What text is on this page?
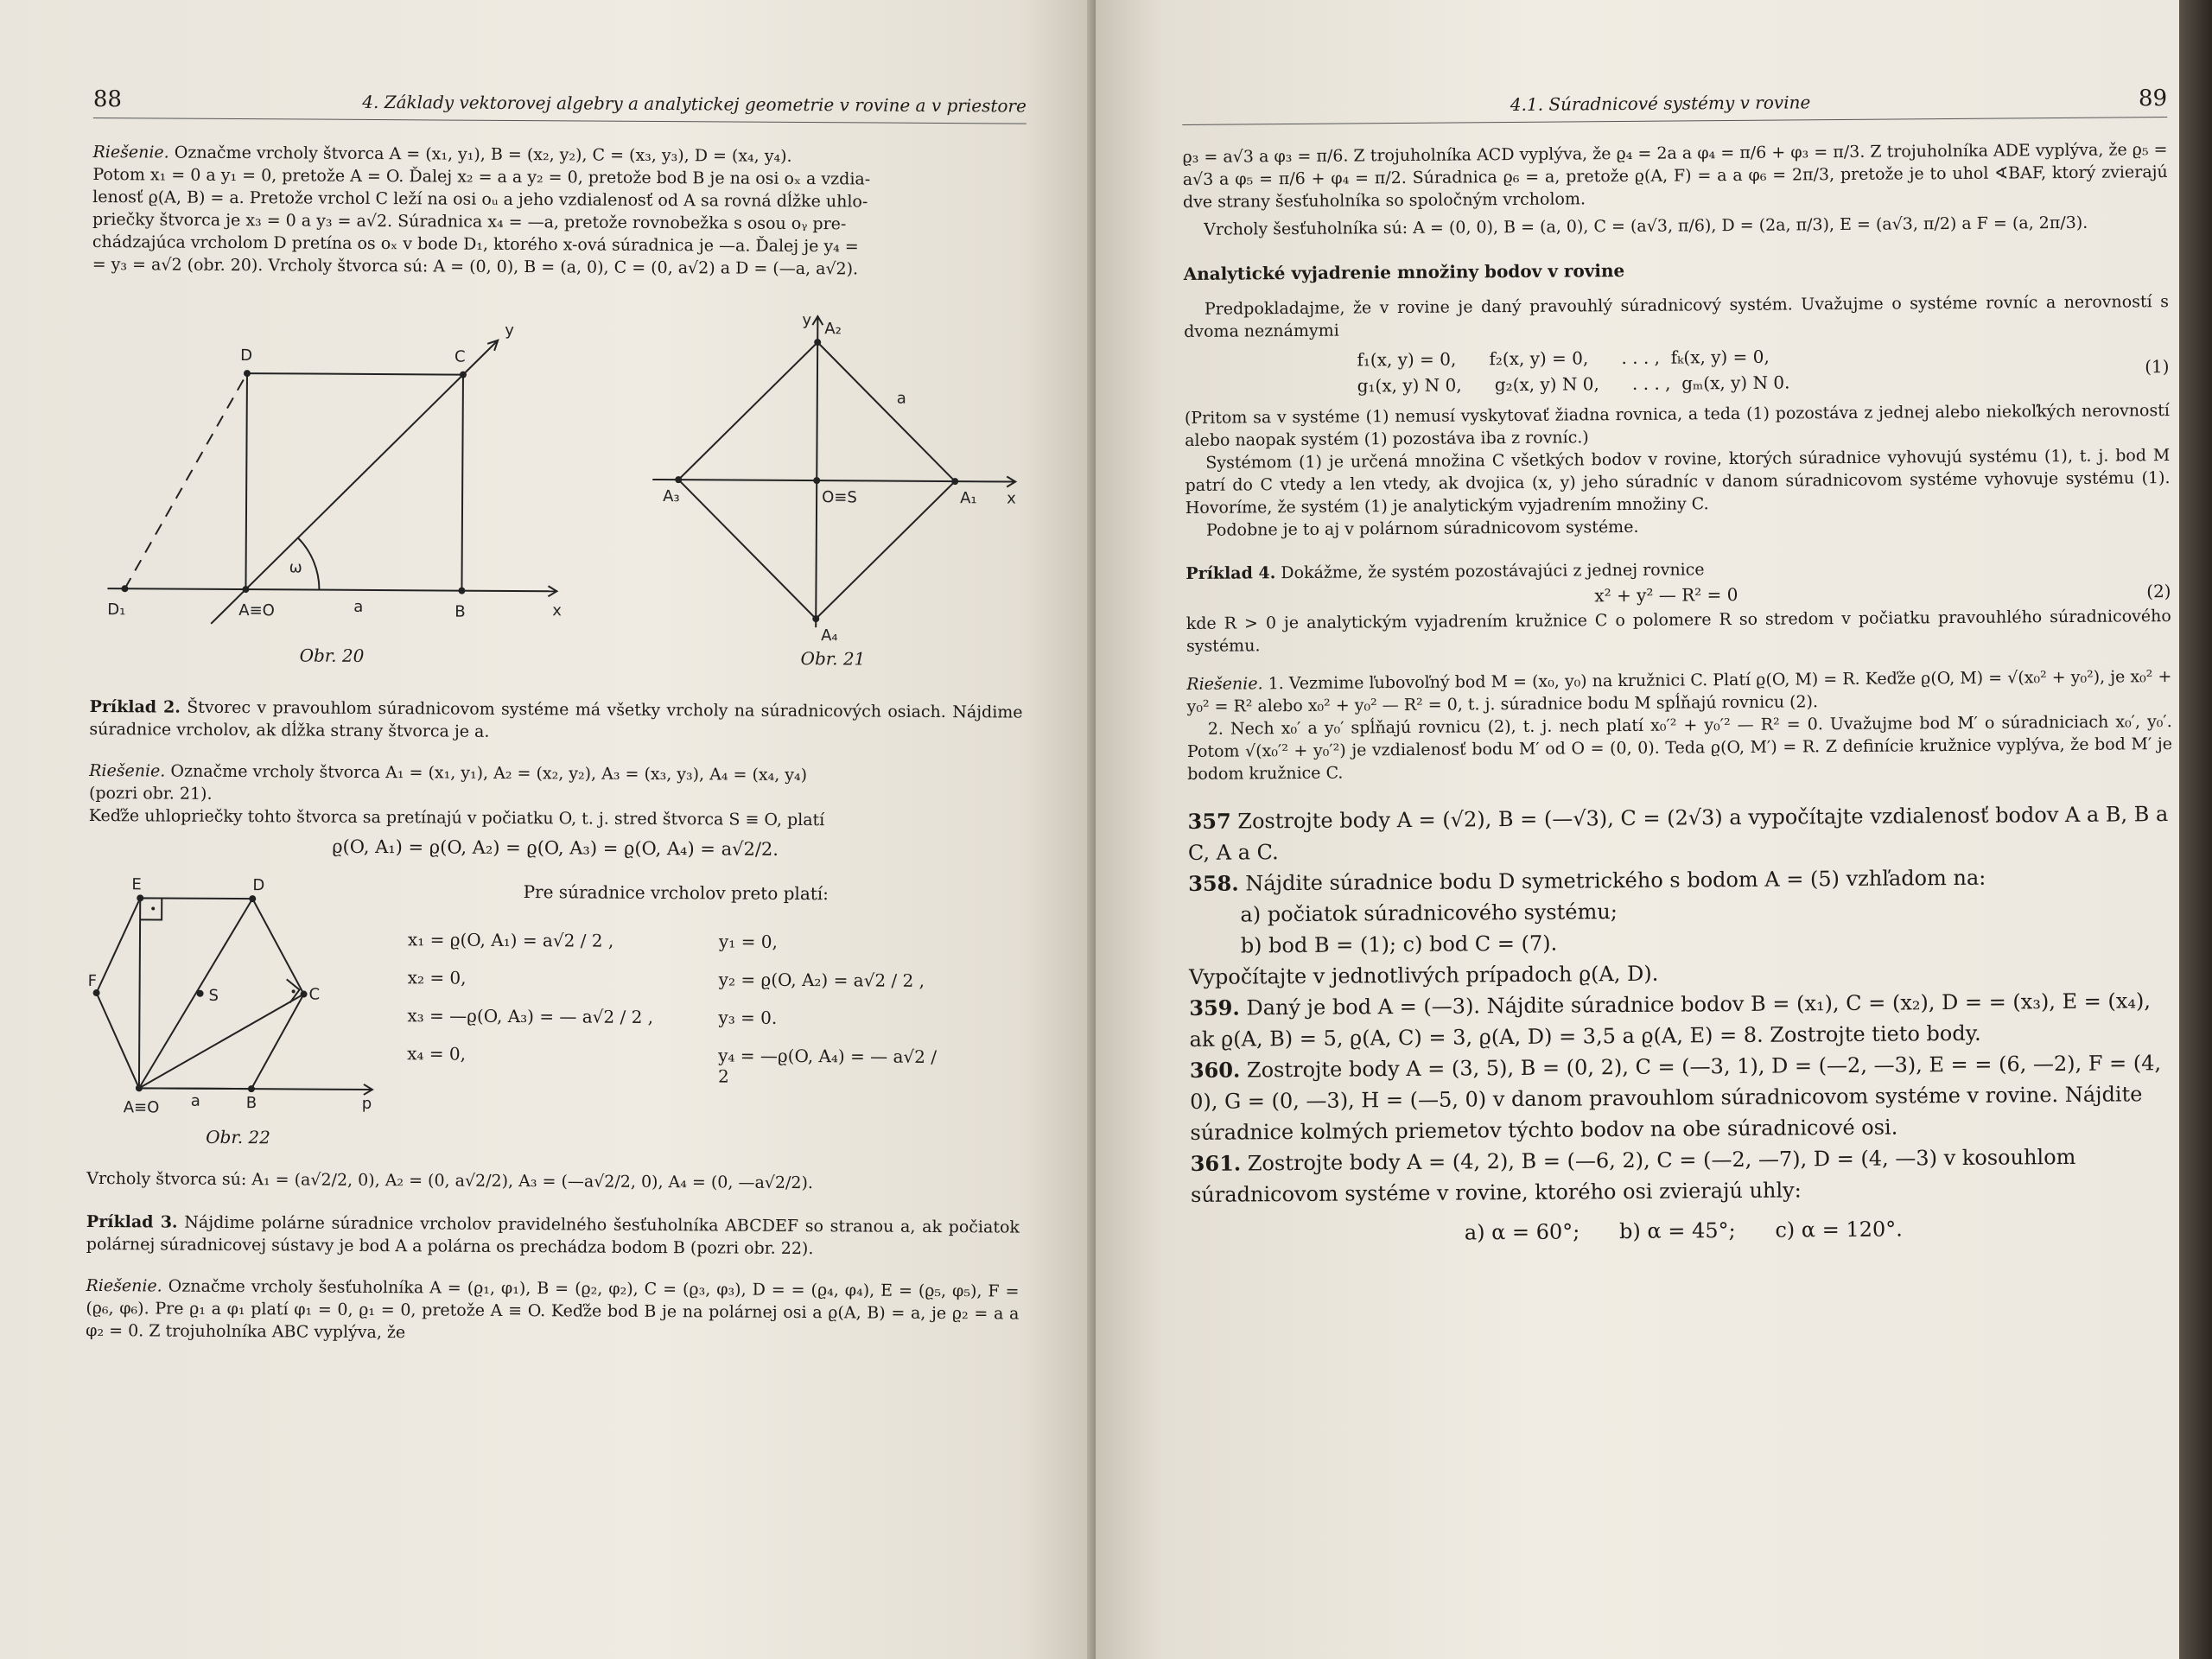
88	4. Základy vektorovej algebry a analytickej geometrie v rovine a v priestore

Riešenie. Označme vrcholy štvorca A = (x₁, y₁), B = (x₂, y₂), C = (x₃, y₃), D = (x₄, y₄).

Potom x₁ = 0 a y₁ = 0, pretože A = O. Ďalej x₂ = a a y₂ = 0, pretože bod B je na osi oₓ a vzdia-

lenosť ϱ(A, B) = a. Pretože vrchol C leží na osi oᵤ a jeho vzdialenosť od A sa rovná dĺžke uhlo-

priečky štvorca je x₃ = 0 a y₃ = a√2. Súradnica x₄ = —a, pretože rovnobežka s osou oᵧ pre-

chádzajúca vrcholom D pretína os oₓ v bode D₁, ktorého x-ová súradnica je —a. Ďalej je y₄ =

= y₃ = a√2 (obr. 20). Vrcholy štvorca sú: A = (0, 0), B = (a, 0), C = (0, a√2) a D = (—a, a√2).

D	C
y
ω
D₁	A≡O	a	B	x
Obr. 20
y A₂
a
A₃	O≡S	A₁ x
A₄
Obr. 21

Príklad 2. Štvorec v pravouhlom súradnicovom systéme má všetky vrcholy na súradnicových osiach. Nájdime súradnice vrcholov, ak dĺžka strany štvorca je a.

Riešenie. Označme vrcholy štvorca A₁ = (x₁, y₁), A₂ = (x₂, y₂), A₃ = (x₃, y₃), A₄ = (x₄, y₄)

(pozri obr. 21).

Keďže uhlopriečky tohto štvorca sa pretínajú v počiatku O, t. j. stred štvorca S ≡ O, platí

ϱ(O, A₁) = ϱ(O, A₂) = ϱ(O, A₃) = ϱ(O, A₄) = a√2/2.

E	D
F
S	C
A≡O a	B	p
Obr. 22

Pre súradnice vrcholov preto platí:

x₁ = ϱ(O, A₁) = a√2 / 2 ,	y₁ = 0,
x₂ = 0,	y₂ = ϱ(O, A₂) = a√2 / 2 ,
x₃ = —ϱ(O, A₃) = — a√2 / 2 ,	y₃ = 0.
x₄ = 0,	y₄ = —ϱ(O, A₄) = — a√2 / 2

Vrcholy štvorca sú: A₁ = (a√2/2, 0), A₂ = (0, a√2/2), A₃ = (—a√2/2, 0), A₄ = (0, —a√2/2).

Príklad 3. Nájdime polárne súradnice vrcholov pravidelného šesťuholníka ABCDEF so stranou a, ak počiatok polárnej súradnicovej sústavy je bod A a polárna os prechádza bodom B (pozri obr. 22).

Riešenie. Označme vrcholy šesťuholníka A = (ϱ₁, φ₁), B = (ϱ₂, φ₂), C = (ϱ₃, φ₃), D = = (ϱ₄, φ₄), E = (ϱ₅, φ₅), F = (ϱ₆, φ₆). Pre ϱ₁ a φ₁ platí φ₁ = 0, ϱ₁ = 0, pretože A ≡ O. Keďže bod B je na polárnej osi a ϱ(A, B) = a, je ϱ₂ = a a φ₂ = 0. Z trojuholníka ABC vyplýva, že

4.1. Súradnicové systémy v rovine	89

ϱ₃ = a√3 a φ₃ = π/6. Z trojuholníka ACD vyplýva, že ϱ₄ = 2a a φ₄ = π/6 + φ₃ = π/3. Z trojuholníka ADE vyplýva, že ϱ₅ = a√3 a φ₅ = π/6 + φ₄ = π/2. Súradnica ϱ₆ = a, pretože ϱ(A, F) = a a φ₆ = 2π/3, pretože je to uhol ∢BAF, ktorý zvierajú dve strany šesťuholníka so spoločným vrcholom.

Vrcholy šesťuholníka sú: A = (0, 0), B = (a, 0), C = (a√3, π/6), D = (2a, π/3), E = (a√3, π/2) a F = (a, 2π/3).

Analytické vyjadrenie množiny bodov v rovine

Predpokladajme, že v rovine je daný pravouhlý súradnicový systém. Uvažujme o systéme rovníc a nerovností s dvoma neznámymi

f₁(x, y) = 0,      f₂(x, y) = 0,      . . . ,  fₖ(x, y) = 0,
g₁(x, y) N 0,      g₂(x, y) N 0,      . . . ,  gₘ(x, y) N 0.
(1)

(Pritom sa v systéme (1) nemusí vyskytovať žiadna rovnica, a teda (1) pozostáva z jednej alebo niekoľkých nerovností alebo naopak systém (1) pozostáva iba z rovníc.)

Systémom (1) je určená množina C všetkých bodov v rovine, ktorých súradnice vyhovujú systému (1), t. j. bod M patrí do C vtedy a len vtedy, ak dvojica (x, y) jeho súradníc v danom súradnicovom systéme vyhovuje systému (1). Hovoríme, že systém (1) je analytickým vyjadrením množiny C.

Podobne je to aj v polárnom súradnicovom systéme.

Príklad 4. Dokážme, že systém pozostávajúci z jednej rovnice

x² + y² — R² = 0	(2)

kde R > 0 je analytickým vyjadrením kružnice C o polomere R so stredom v počiatku pravouhlého súradnicového systému.

Riešenie. 1. Vezmime ľubovoľný bod M = (x₀, y₀) na kružnici C. Platí ϱ(O, M) = R. Keďže ϱ(O, M) = √(x₀² + y₀²), je x₀² + y₀² = R² alebo x₀² + y₀² — R² = 0, t. j. súradnice bodu M spĺňajú rovnicu (2).

2. Nech x₀′ a y₀′ spĺňajú rovnicu (2), t. j. nech platí x₀′² + y₀′² — R² = 0. Uvažujme bod M′ o súradniciach x₀′, y₀′. Potom √(x₀′² + y₀′²) je vzdialenosť bodu M′ od O = (0, 0). Teda ϱ(O, M′) = R. Z definície kružnice vyplýva, že bod M′ je bodom kružnice C.

357 Zostrojte body A = (√2), B = (—√3), C = (2√3) a vypočítajte vzdialenosť bodov A a B, B a C, A a C.

358. Nájdite súradnice bodu D symetrického s bodom A = (5) vzhľadom na:

a) počiatok súradnicového systému;

b) bod B = (1); c) bod C = (7).

Vypočítajte v jednotlivých prípadoch ϱ(A, D).

359. Daný je bod A = (—3). Nájdite súradnice bodov B = (x₁), C = (x₂), D = = (x₃), E = (x₄), ak ϱ(A, B) = 5, ϱ(A, C) = 3, ϱ(A, D) = 3,5 a ϱ(A, E) = 8. Zostrojte tieto body.

360. Zostrojte body A = (3, 5), B = (0, 2), C = (—3, 1), D = (—2, —3), E = = (6, —2), F = (4, 0), G = (0, —3), H = (—5, 0) v danom pravouhlom súradnicovom systéme v rovine. Nájdite súradnice kolmých priemetov týchto bodov na obe súradnicové osi.

361. Zostrojte body A = (4, 2), B = (—6, 2), C = (—2, —7), D = (4, —3) v kosouhlom súradnicovom systéme v rovine, ktorého osi zvierajú uhly:

a) α = 60°;      b) α = 45°;      c) α = 120°.
